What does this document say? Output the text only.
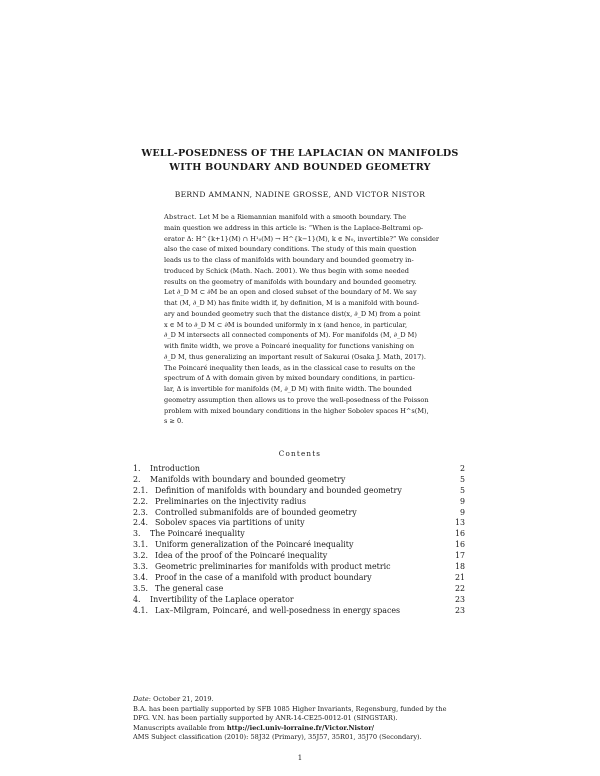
WELL-POSEDNESS OF THE LAPLACIAN ON MANIFOLDS
WITH BOUNDARY AND BOUNDED GEOMETRY
BERND AMMANN, NADINE GROSSE, AND VICTOR NISTOR
Abstract. Let M be a Riemannian manifold with a smooth boundary. The
main question we address in this article is: “When is the Laplace-Beltrami op-
erator Δ: H^{k+1}(M) ∩ H¹₀(M) → H^{k−1}(M), k ∈ ℕ₀, invertible?” We consider
also the case of mixed boundary conditions. The study of this main question
leads us to the class of manifolds with boundary and bounded geometry in-
troduced by Schick (Math. Nach. 2001). We thus begin with some needed
results on the geometry of manifolds with boundary and bounded geometry.
Let ∂_D M ⊂ ∂M be an open and closed subset of the boundary of M. We say
that (M, ∂_D M) has finite width if, by definition, M is a manifold with bound-
ary and bounded geometry such that the distance dist(x, ∂_D M) from a point
x ∈ M to ∂_D M ⊂ ∂M is bounded uniformly in x (and hence, in particular,
∂_D M intersects all connected components of M). For manifolds (M, ∂_D M)
with finite width, we prove a Poincaré inequality for functions vanishing on
∂_D M, thus generalizing an important result of Sakurai (Osaka J. Math, 2017).
The Poincaré inequality then leads, as in the classical case to results on the
spectrum of Δ with domain given by mixed boundary conditions, in particu-
lar, Δ is invertible for manifolds (M, ∂_D M) with finite width. The bounded
geometry assumption then allows us to prove the well-posedness of the Poisson
problem with mixed boundary conditions in the higher Sobolev spaces H^s(M),
s ≥ 0.
Contents
1.	Introduction	2
2.	Manifolds with boundary and bounded geometry	5
2.1. Definition of manifolds with boundary and bounded geometry	5
2.2. Preliminaries on the injectivity radius	9
2.3. Controlled submanifolds are of bounded geometry	9
2.4. Sobolev spaces via partitions of unity	13
3.	The Poincaré inequality	16
3.1. Uniform generalization of the Poincaré inequality	16
3.2. Idea of the proof of the Poincaré inequality	17
3.3. Geometric preliminaries for manifolds with product metric	18
3.4. Proof in the case of a manifold with product boundary	21
3.5. The general case	22
4.	Invertibility of the Laplace operator	23
4.1. Lax–Milgram, Poincaré, and well-posedness in energy spaces	23
Date: October 21, 2019.
B.A. has been partially supported by SFB 1085 Higher Invariants, Regensburg, funded by the
DFG. V.N. has been partially supported by ANR-14-CE25-0012-01 (SINGSTAR).
Manuscripts available from http://iecl.univ-lorraine.fr/Victor.Nistor/
AMS Subject classification (2010): 58J32 (Primary), 35J57, 35R01, 35J70 (Secondary).
1
